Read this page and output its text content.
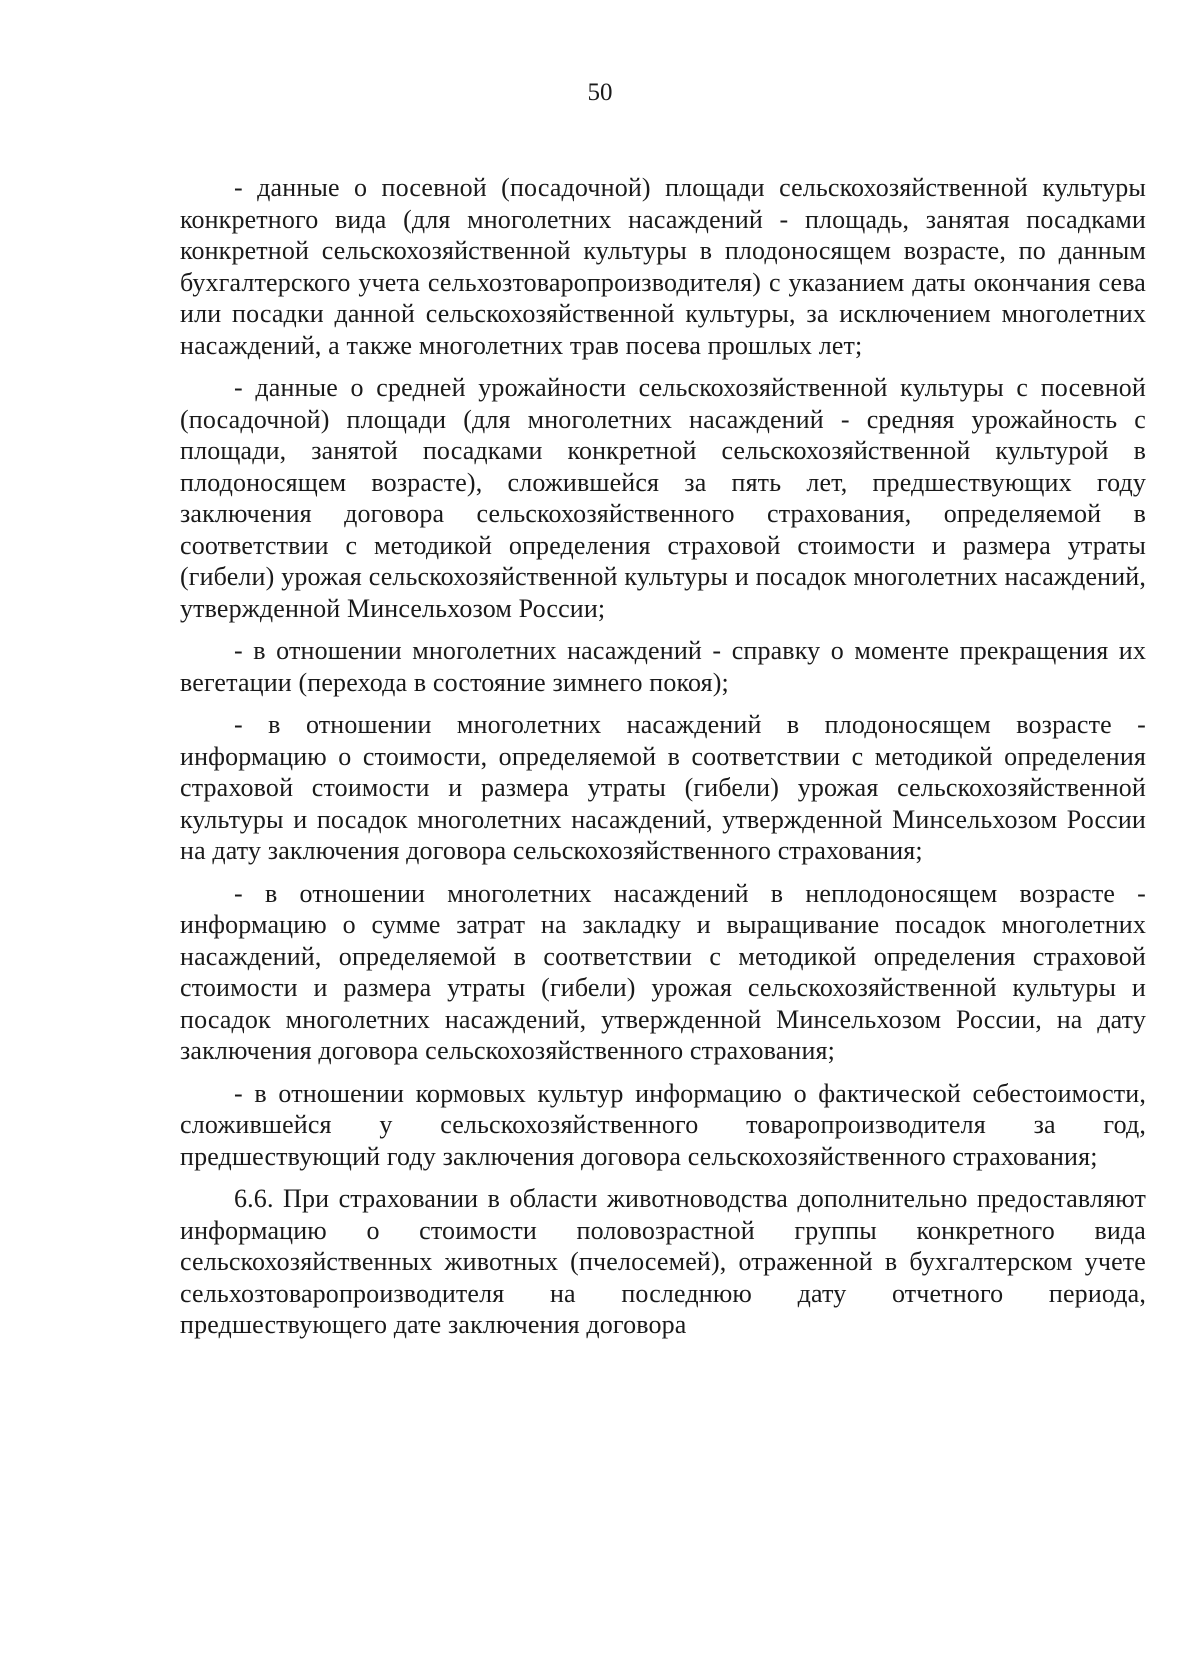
50

- данные о посевной (посадочной) площади сельскохозяйственной культуры конкретного вида (для многолетних насаждений - площадь, занятая посадками конкретной сельскохозяйственной культуры в плодоносящем возрасте, по данным бухгалтерского учета сельхозтоваропроизводителя) с указанием даты окончания сева или посадки данной сельскохозяйственной культуры, за исключением многолетних насаждений, а также многолетних трав посева прошлых лет;

- данные о средней урожайности сельскохозяйственной культуры с посевной (посадочной) площади (для многолетних насаждений - средняя урожайность с площади, занятой посадками конкретной сельскохозяйственной культурой в плодоносящем возрасте), сложившейся за пять лет, предшествующих году заключения договора сельскохозяйственного страхования, определяемой в соответствии с методикой определения страховой стоимости и размера утраты (гибели) урожая сельскохозяйственной культуры и посадок многолетних насаждений, утвержденной Минсельхозом России;

- в отношении многолетних насаждений - справку о моменте прекращения их вегетации (перехода в состояние зимнего покоя);

- в отношении многолетних насаждений в плодоносящем возрасте - информацию о стоимости, определяемой в соответствии с методикой определения страховой стоимости и размера утраты (гибели) урожая сельскохозяйственной культуры и посадок многолетних насаждений, утвержденной Минсельхозом России на дату заключения договора сельскохозяйственного страхования;

- в отношении многолетних насаждений в неплодоносящем возрасте - информацию о сумме затрат на закладку и выращивание посадок многолетних насаждений, определяемой в соответствии с методикой определения страховой стоимости и размера утраты (гибели) урожая сельскохозяйственной культуры и посадок многолетних насаждений, утвержденной Минсельхозом России, на дату заключения договора сельскохозяйственного страхования;

- в отношении кормовых культур информацию о фактической себестоимости, сложившейся у сельскохозяйственного товаропроизводителя за год, предшествующий году заключения договора сельскохозяйственного страхования;

6.6. При страховании в области животноводства дополнительно предоставляют информацию о стоимости половозрастной группы конкретного вида сельскохозяйственных животных (пчелосемей), отраженной в бухгалтерском учете сельхозтоваропроизводителя на последнюю дату отчетного периода, предшествующего дате заключения договора
